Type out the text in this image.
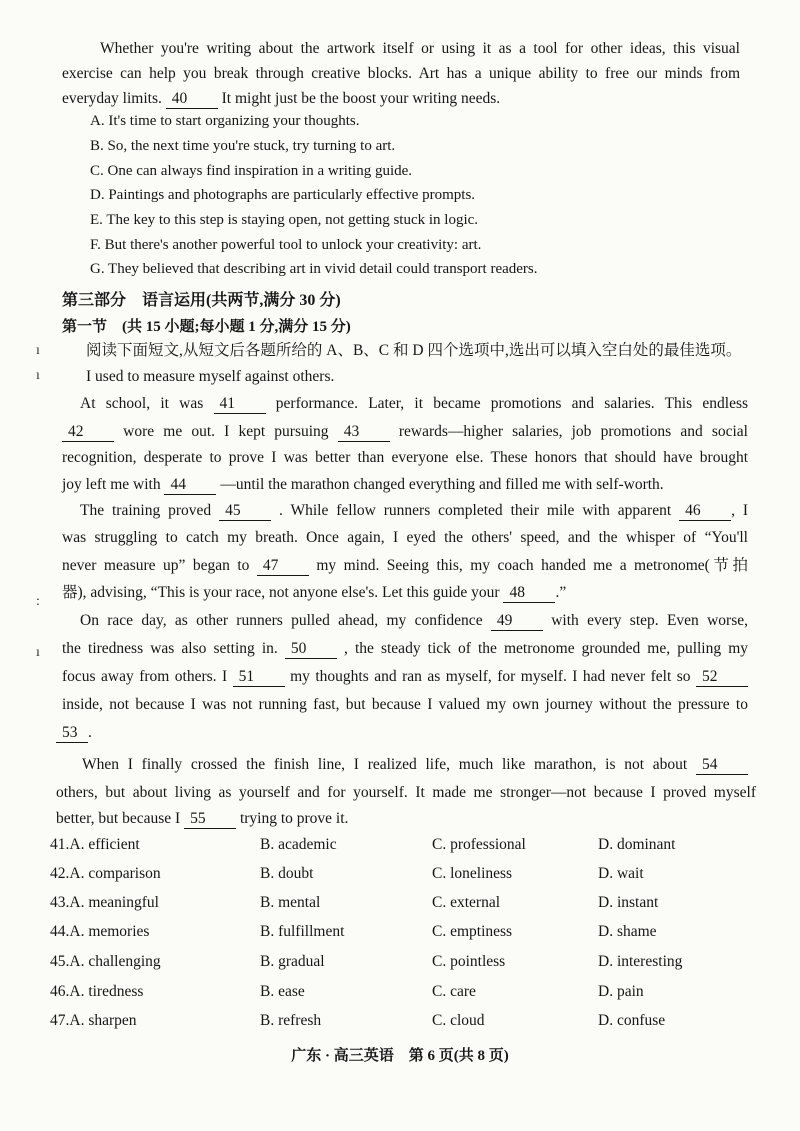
Whether you're writing about the artwork itself or using it as a tool for other ideas, this visual

exercise can help you break through creative blocks. Art has a unique ability to free our minds from

everyday limits. 40 It might just be the boost your writing needs.

A. It's time to start organizing your thoughts.
B. So, the next time you're stuck, try turning to art.
C. One can always find inspiration in a writing guide.
D. Paintings and photographs are particularly effective prompts.
E. The key to this step is staying open, not getting stuck in logic.
F. But there's another powerful tool to unlock your creativity: art.
G. They believed that describing art in vivid detail could transport readers.
第三部分　语言运用(共两节,满分 30 分)
第一节　(共 15 小题;每小题 1 分,满分 15 分)
阅读下面短文,从短文后各题所给的 A、B、C 和 D 四个选项中,选出可以填入空白处的最佳选项。
ı
ı
:
ı

I used to measure myself against others.

At school, it was 41	performance. Later, it became promotions and salaries. This endless

42	wore me out. I kept pursuing 43	rewards—higher salaries, job promotions and social

recognition, desperate to prove I was better than everyone else. These honors that should have brought

joy left me with 44 —until the marathon changed everything and filled me with self-worth.

The training proved 45 . While fellow runners completed their mile with apparent 46 , I

was struggling to catch my breath. Once again, I eyed the others' speed, and the whisper of “You'll

never measure up” began to 47 my mind. Seeing this, my coach handed me a metronome(节拍

器), advising, “This is your race, not anyone else's. Let this guide your 48 .”

On race day, as other runners pulled ahead, my confidence 49	with every step. Even worse,

the tiredness was also setting in. 50 , the steady tick of the metronome grounded me, pulling my

focus away from others. I 51 my thoughts and ran as myself, for myself. I had never felt so 52

inside, not because I was not running fast, but because I valued my own journey without the pressure to

53 .

When I finally crossed the finish line, I realized life, much like marathon, is not about 54

others, but about living as yourself and for yourself. It made me stronger—not because I proved myself

better, but because I 55 trying to prove it.

41.A. efficient	B. academic	C. professional	D. dominant
42.A. comparison	B. doubt	C. loneliness	D. wait
43.A. meaningful	B. mental	C. external	D. instant
44.A. memories	B. fulfillment	C. emptiness	D. shame
45.A. challenging	B. gradual	C. pointless	D. interesting
46.A. tiredness	B. ease	C. care	D. pain
47.A. sharpen	B. refresh	C. cloud	D. confuse
广东 · 高三英语　第 6 页(共 8 页)
